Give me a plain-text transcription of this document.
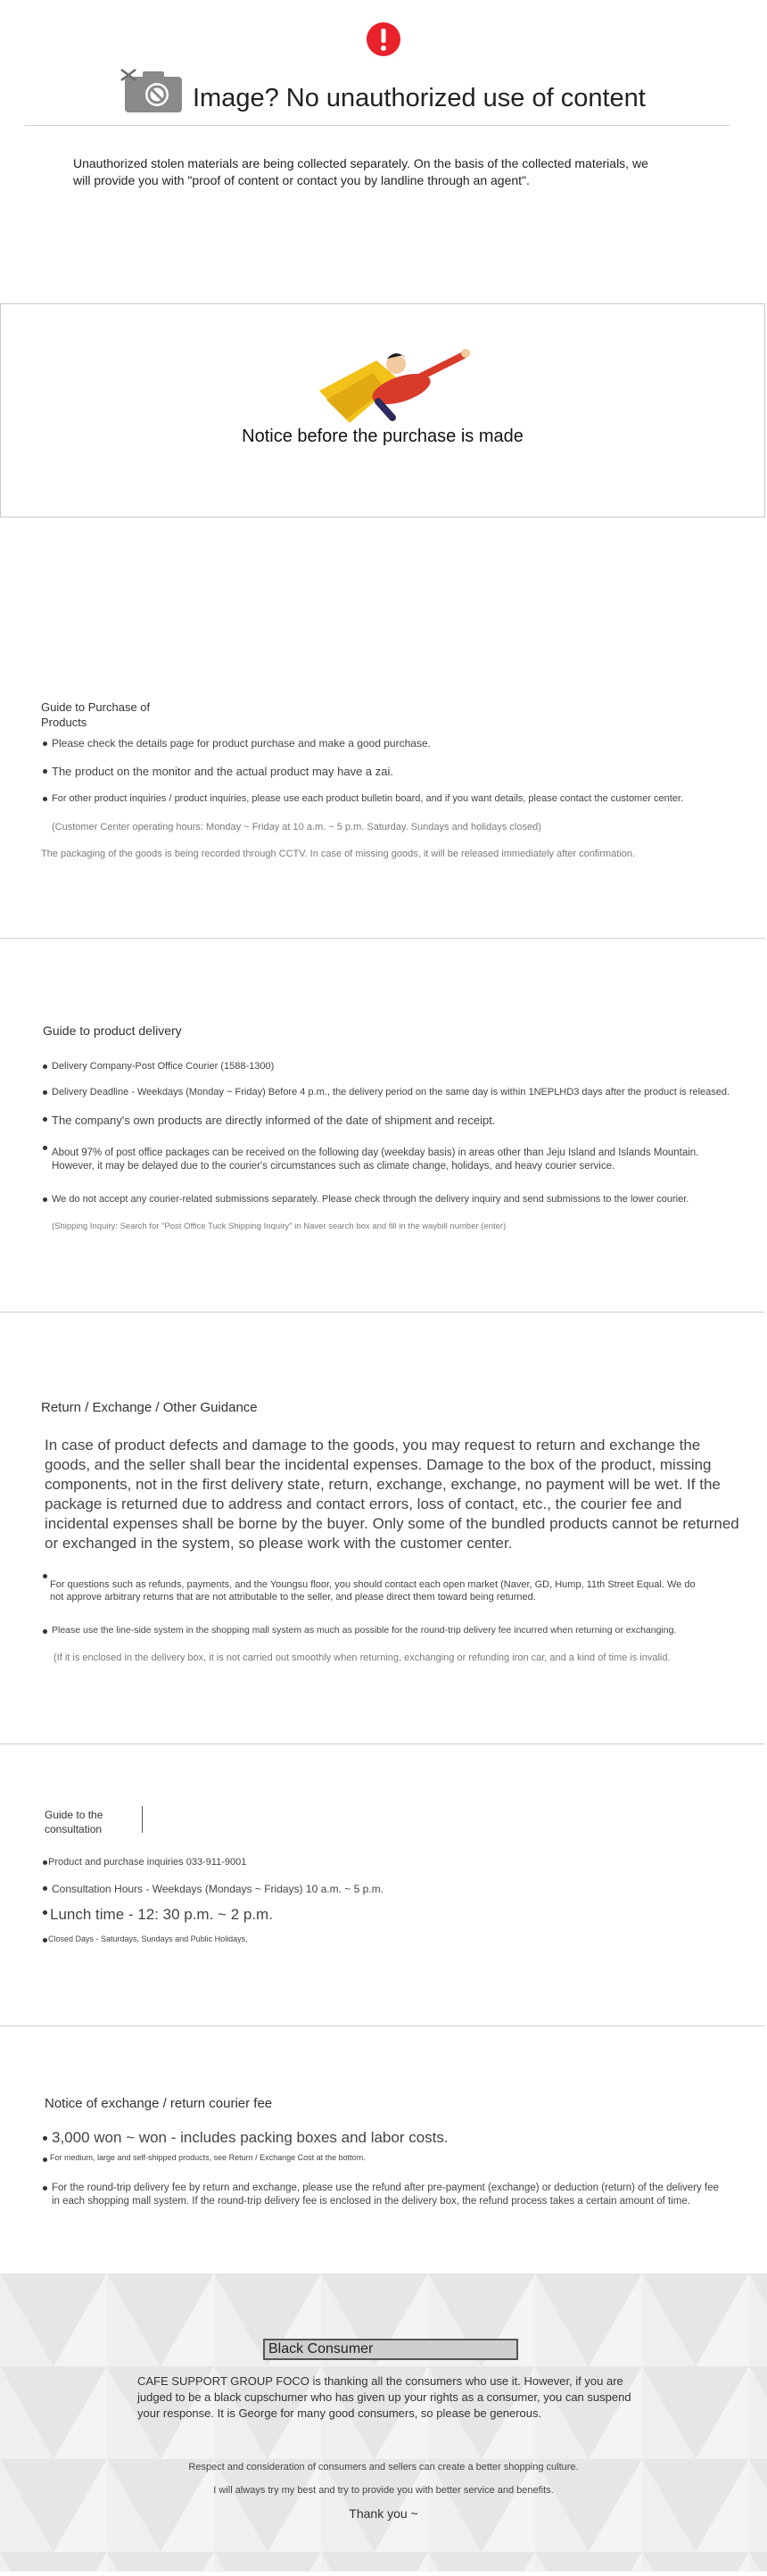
Image? No unauthorized use of content

Unauthorized stolen materials are being collected separately. On the basis of the collected materials, we will provide you with "proof of content or contact you by landline through an agent".

Notice before the purchase is made
Guide to Purchase of Products

Please check the details page for product purchase and make a good purchase.

The product on the monitor and the actual product may have a zai.

For other product inquiries / product inquiries, please use each product bulletin board, and if you want details, please contact the customer center.

(Customer Center operating hours: Monday ~ Friday at 10 a.m. ~ 5 p.m. Saturday. Sundays and holidays closed)

The packaging of the goods is being recorded through CCTV. In case of missing goods, it will be released immediately after confirmation.

Guide to product delivery

Delivery Company-Post Office Courier (1588-1300)

Delivery Deadline - Weekdays (Monday ~ Friday) Before 4 p.m., the delivery period on the same day is within 1NEPLHD3 days after the product is released.

The company's own products are directly informed of the date of shipment and receipt.

About 97% of post office packages can be received on the following day (weekday basis) in areas other than Jeju Island and Islands Mountain. However, it may be delayed due to the courier's circumstances such as climate change, holidays, and heavy courier service.

We do not accept any courier-related submissions separately. Please check through the delivery inquiry and send submissions to the lower courier.

(Shipping Inquiry: Search for "Post Office Tuck Shipping Inquiry" in Naver search box and fill in the waybill number (enter)

Return / Exchange / Other Guidance

In case of product defects and damage to the goods, you may request to return and exchange the goods, and the seller shall bear the incidental expenses. Damage to the box of the product, missing components, not in the first delivery state, return, exchange, exchange, no payment will be wet. If the package is returned due to address and contact errors, loss of contact, etc., the courier fee and incidental expenses shall be borne by the buyer. Only some of the bundled products cannot be returned or exchanged in the system, so please work with the customer center.

For questions such as refunds, payments, and the Youngsu floor, you should contact each open market (Naver, GD, Hump, 11th Street Equal. We do not approve arbitrary returns that are not attributable to the seller, and please direct them toward being returned.

Please use the line-side system in the shopping mall system as much as possible for the round-trip delivery fee incurred when returning or exchanging.

(If it is enclosed in the delivery box, it is not carried out smoothly when returning, exchanging or refunding iron car, and a kind of time is invalid.

Guide to the consultation

Product and purchase inquiries 033-911-9001

Consultation Hours - Weekdays (Mondays ~ Fridays) 10 a.m. ~ 5 p.m.

Lunch time - 12: 30 p.m. ~ 2 p.m.

Closed Days - Saturdays, Sundays and Public Holidays,

Notice of exchange / return courier fee

3,000 won ~ won - includes packing boxes and labor costs.

For medium, large and self-shipped products, see Return / Exchange Cost at the bottom.

For the round-trip delivery fee by return and exchange, please use the refund after pre-payment (exchange) or deduction (return) of the delivery fee in each shopping mall system. If the round-trip delivery fee is enclosed in the delivery box, the refund process takes a certain amount of time.

Black Consumer

CAFE SUPPORT GROUP FOCO is thanking all the consumers who use it. However, if you are judged to be a black cupschumer who has given up your rights as a consumer, you can suspend your response. It is George for many good consumers, so please be generous.

Respect and consideration of consumers and sellers can create a better shopping culture.

I will always try my best and try to provide you with better service and benefits.

Thank you ~
